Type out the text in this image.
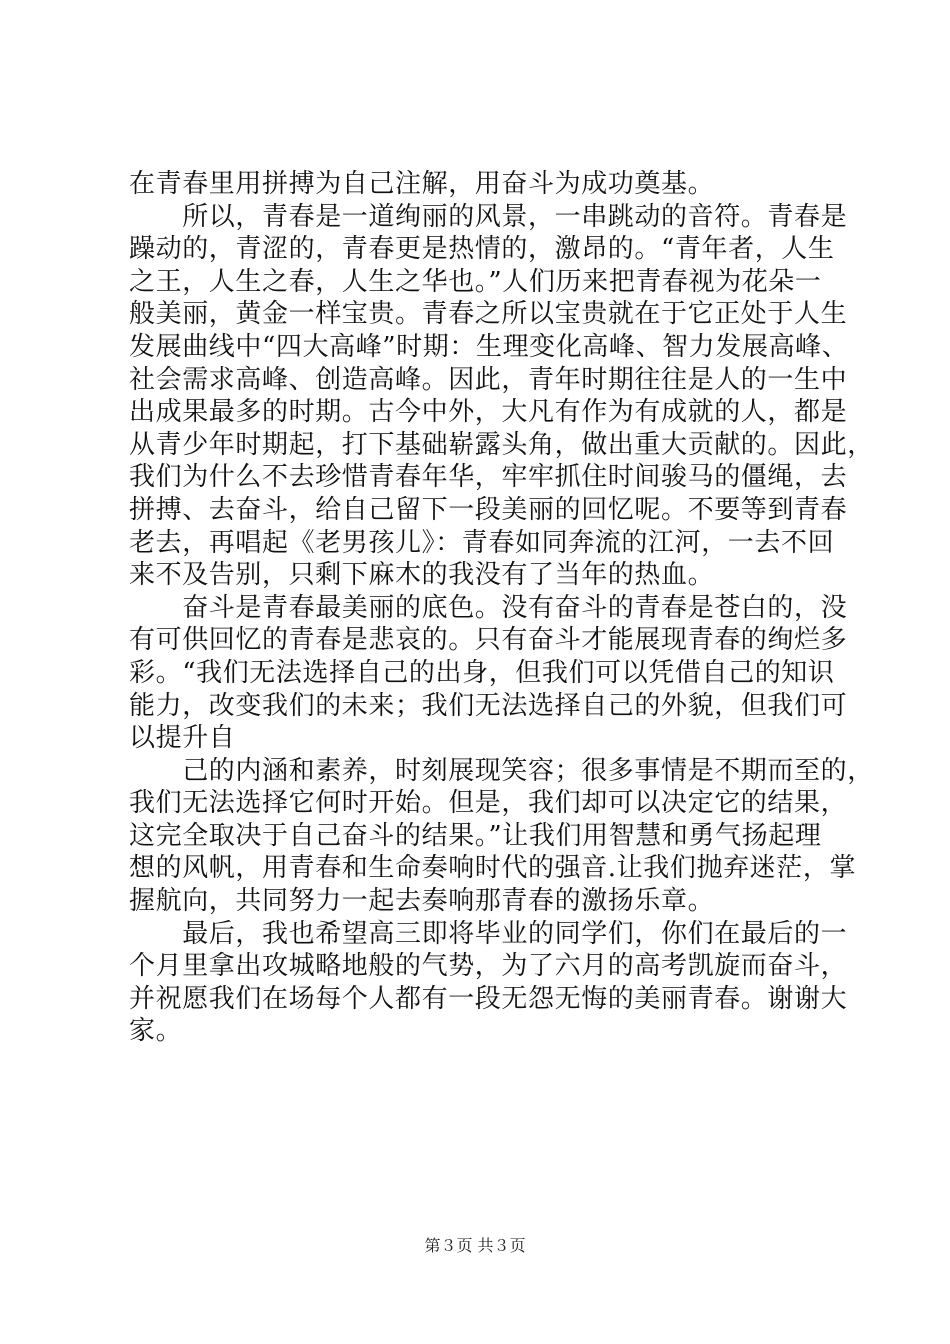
在青春里用拼搏为自己注解，用奋斗为成功奠基。
　　所以，青春是一道绚丽的风景，一串跳动的音符。青春是
躁动的，青涩的，青春更是热情的，激昂的。“青年者，人生
之王，人生之春，人生之华也。”人们历来把青春视为花朵一
般美丽，黄金一样宝贵。青春之所以宝贵就在于它正处于人生
发展曲线中“四大高峰”时期：生理变化高峰、智力发展高峰、
社会需求高峰、创造高峰。因此，青年时期往往是人的一生中
出成果最多的时期。古今中外，大凡有作为有成就的人，都是
从青少年时期起，打下基础崭露头角，做出重大贡献的。因此，
我们为什么不去珍惜青春年华，牢牢抓住时间骏马的僵绳，去
拼搏、去奋斗，给自己留下一段美丽的回忆呢。不要等到青春
老去，再唱起《老男孩儿》：青春如同奔流的江河，一去不回
来不及告别，只剩下麻木的我没有了当年的热血。
　　奋斗是青春最美丽的底色。没有奋斗的青春是苍白的，没
有可供回忆的青春是悲哀的。只有奋斗才能展现青春的绚烂多
彩。“我们无法选择自己的出身，但我们可以凭借自己的知识
能力，改变我们的未来；我们无法选择自己的外貌，但我们可
以提升自
　　己的内涵和素养，时刻展现笑容；很多事情是不期而至的，
我们无法选择它何时开始。但是，我们却可以决定它的结果，
这完全取决于自己奋斗的结果。”让我们用智慧和勇气扬起理
想的风帆，用青春和生命奏响时代的强音.让我们抛弃迷茫，掌
握航向，共同努力一起去奏响那青春的激扬乐章。
　　最后，我也希望高三即将毕业的同学们，你们在最后的一
个月里拿出攻城略地般的气势，为了六月的高考凯旋而奋斗，
并祝愿我们在场每个人都有一段无怨无悔的美丽青春。谢谢大
家。
第３页 共３页
